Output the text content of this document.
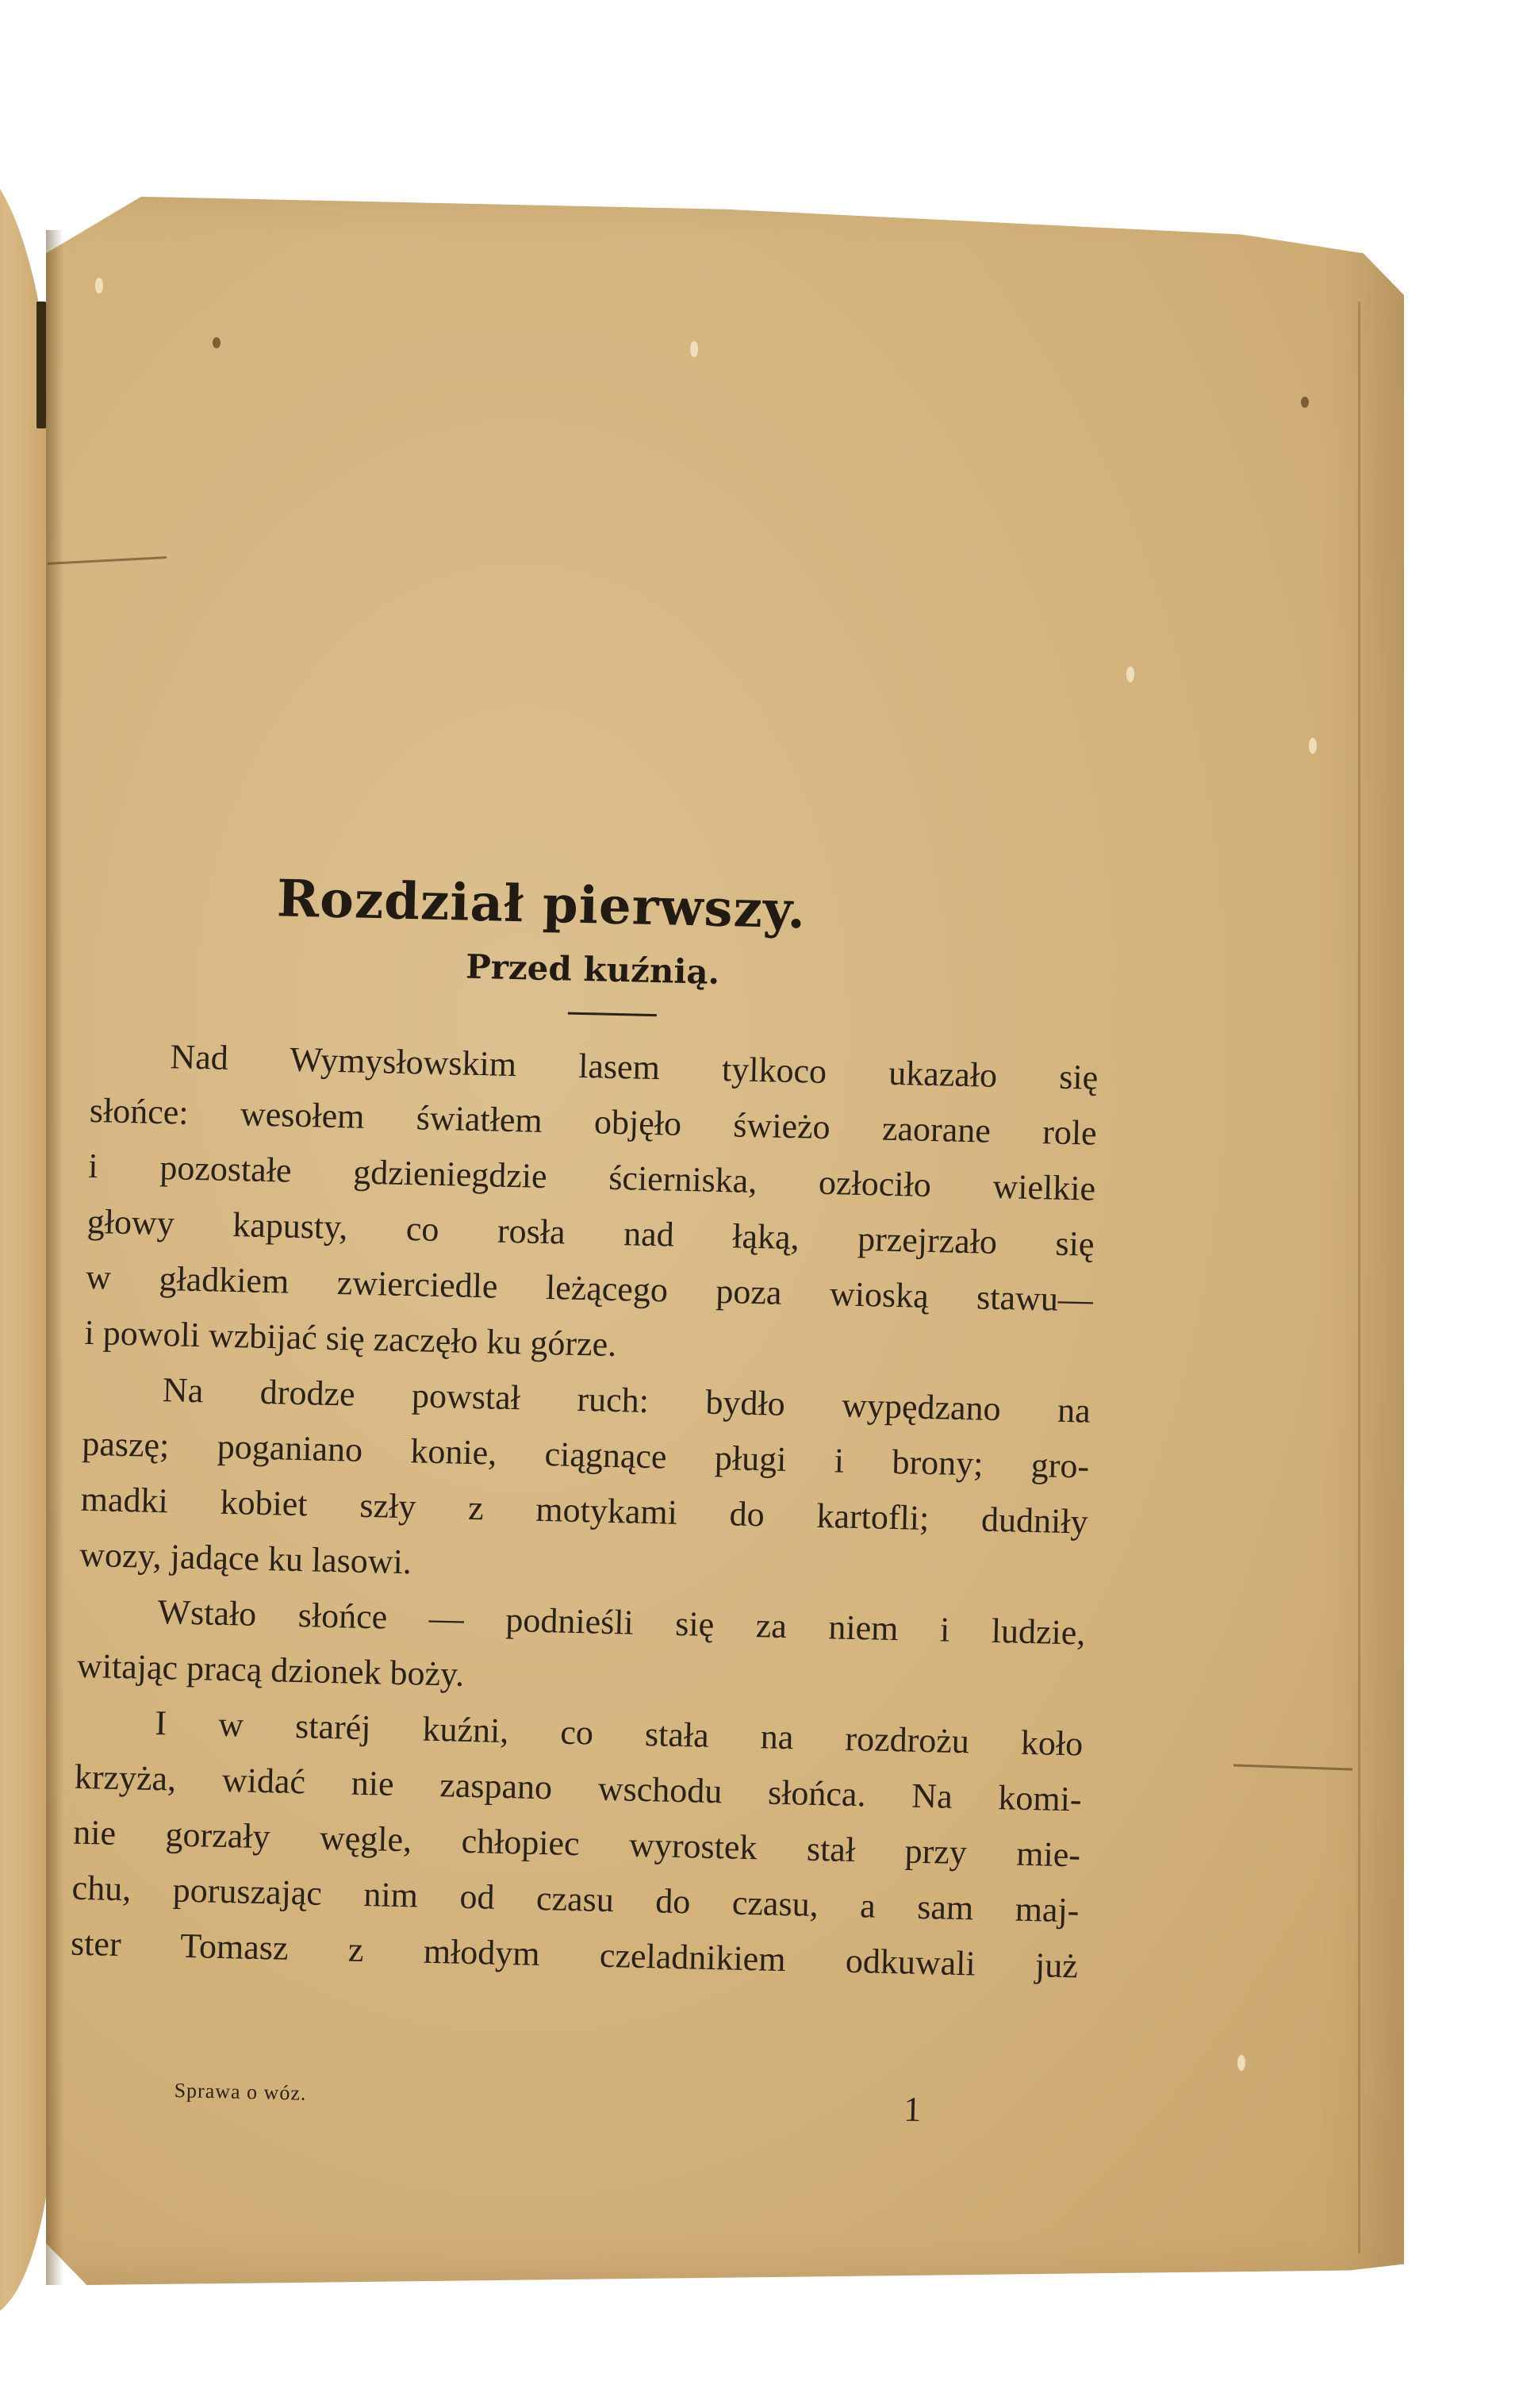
Rozdział pierwszy.
Przed kuźnią.
Nad Wymysłowskim lasem tylkoco ukazało się
słońce: wesołem światłem objęło świeżo zaorane role
i pozostałe gdzieniegdzie ścierniska, ozłociło wielkie
głowy kapusty, co rosła nad łąką, przejrzało się
w gładkiem zwierciedle leżącego poza wioską stawu—
i powoli wzbijać się zaczęło ku górze.
Na drodze powstał ruch: bydło wypędzano na
paszę; poganiano konie, ciągnące pługi i brony; gro-
madki kobiet szły z motykami do kartofli; dudniły
wozy, jadące ku lasowi.
Wstało słońce — podnieśli się za niem i ludzie,
witając pracą dzionek boży.
I w staréj kuźni, co stała na rozdrożu koło
krzyża, widać nie zaspano wschodu słońca. Na komi-
nie gorzały węgle, chłopiec wyrostek stał przy mie-
chu, poruszając nim od czasu do czasu, a sam maj-
ster Tomasz z młodym czeladnikiem odkuwali już
Sprawa o wóz.	1
